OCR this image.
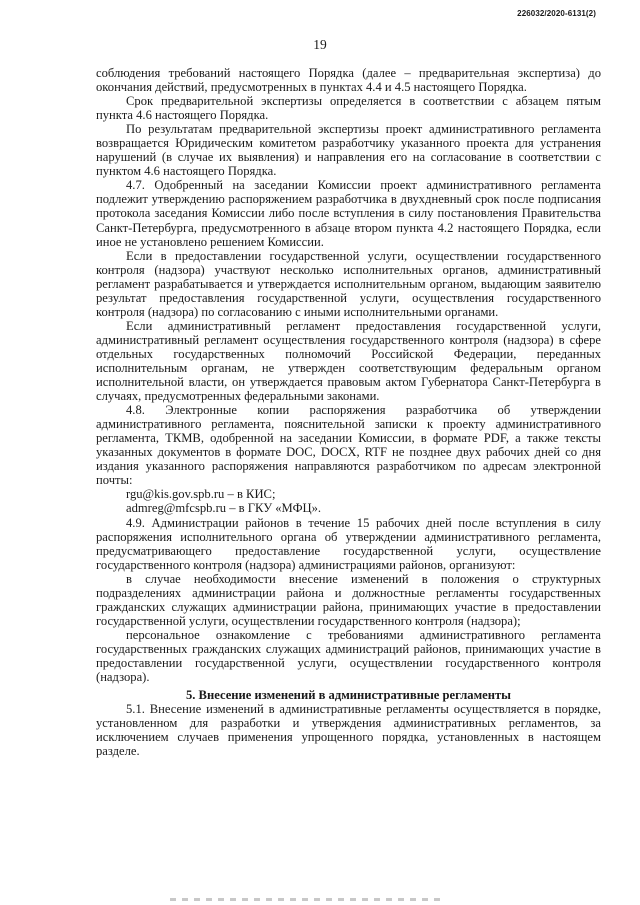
226032/2020-6131(2)
19

соблюдения требований настоящего Порядка (далее – предварительная экспертиза) до окончания действий, предусмотренных в пунктах 4.4 и 4.5 настоящего Порядка.

Срок предварительной экспертизы определяется в соответствии с абзацем пятым пункта 4.6 настоящего Порядка.

По результатам предварительной экспертизы проект административного регламента возвращается Юридическим комитетом разработчику указанного проекта для устранения нарушений (в случае их выявления) и направления его на согласование в соответствии с пунктом 4.6 настоящего Порядка.

4.7. Одобренный на заседании Комиссии проект административного регламента подлежит утверждению распоряжением разработчика в двухдневный срок после подписания протокола заседания Комиссии либо после вступления в силу постановления Правительства Санкт-Петербурга, предусмотренного в абзаце втором пункта 4.2 настоящего Порядка, если иное не установлено решением Комиссии.

Если в предоставлении государственной услуги, осуществлении государственного контроля (надзора) участвуют несколько исполнительных органов, административный регламент разрабатывается и утверждается исполнительным органом, выдающим заявителю результат предоставления государственной услуги, осуществления государственного контроля (надзора) по согласованию с иными исполнительными органами.

Если административный регламент предоставления государственной услуги, административный регламент осуществления государственного контроля (надзора) в сфере отдельных государственных полномочий Российской Федерации, переданных исполнительным органам, не утвержден соответствующим федеральным органом исполнительной власти, он утверждается правовым актом Губернатора Санкт-Петербурга в случаях, предусмотренных федеральными законами.

4.8. Электронные копии распоряжения разработчика об утверждении административного регламента, пояснительной записки к проекту административного регламента, ТКМВ, одобренной на заседании Комиссии, в формате PDF, а также тексты указанных документов в формате DOC, DOCX, RTF не позднее двух рабочих дней со дня издания указанного распоряжения направляются разработчиком по адресам электронной почты:

rgu@kis.gov.spb.ru – в КИС;

admreg@mfcspb.ru – в ГКУ «МФЦ».

4.9. Администрации районов в течение 15 рабочих дней после вступления в силу распоряжения исполнительного органа об утверждении административного регламента, предусматривающего предоставление государственной услуги, осуществление государственного контроля (надзора) администрациями районов, организуют:

в случае необходимости внесение изменений в положения о структурных подразделениях администрации района и должностные регламенты государственных гражданских служащих администрации района, принимающих участие в предоставлении государственной услуги, осуществлении государственного контроля (надзора);

персональное ознакомление с требованиями административного регламента государственных гражданских служащих администраций районов, принимающих участие в предоставлении государственной услуги, осуществлении государственного контроля (надзора).

5. Внесение изменений в административные регламенты

5.1. Внесение изменений в административные регламенты осуществляется в порядке, установленном для разработки и утверждения административных регламентов, за исключением случаев применения упрощенного порядка, установленных в настоящем разделе.
